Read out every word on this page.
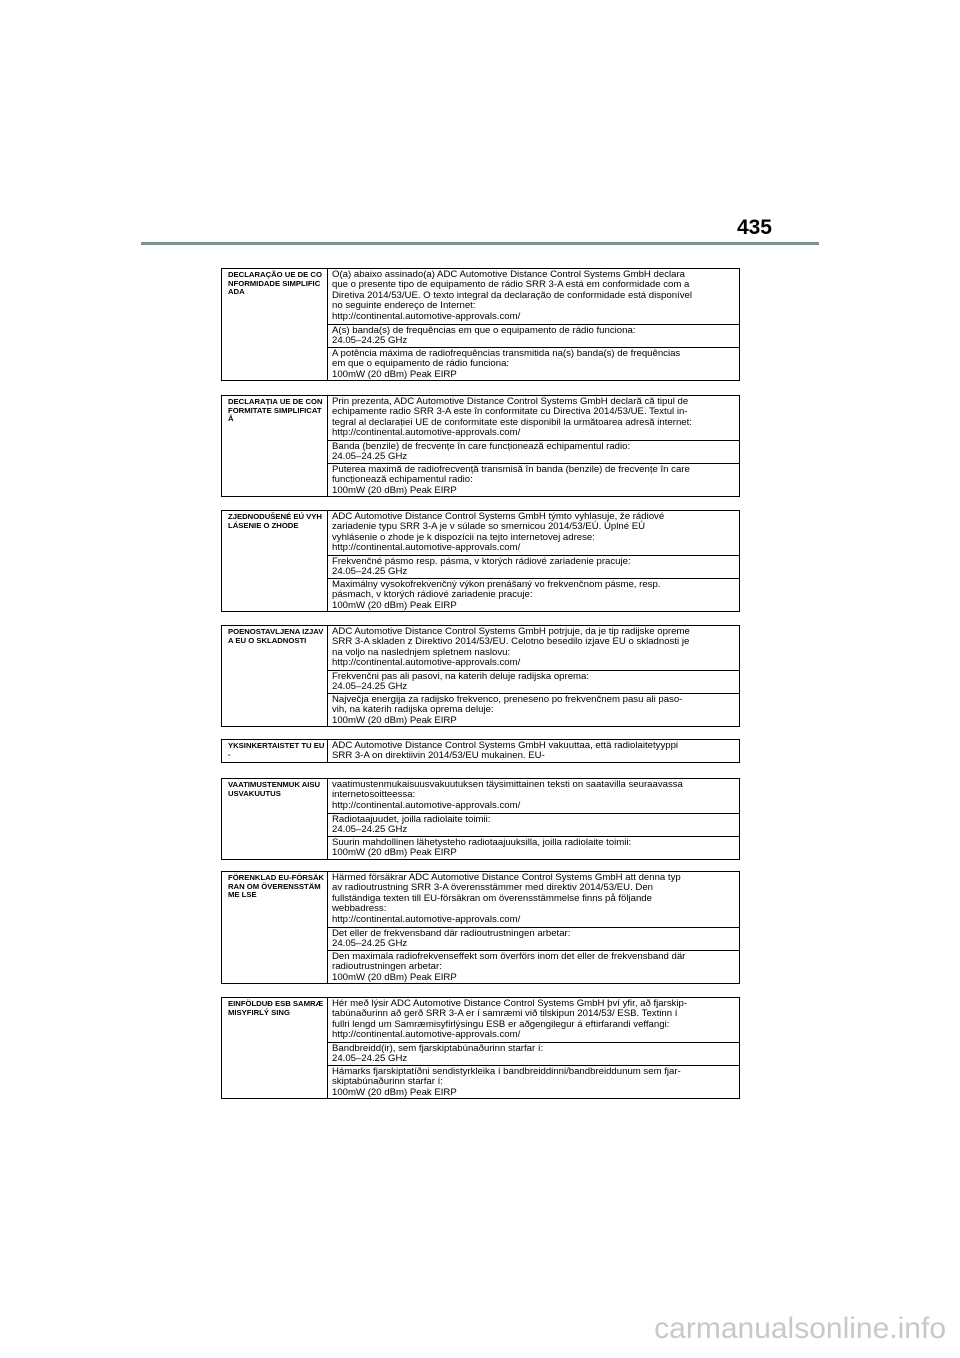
435
DECLARAÇÃO UE DE CONFORMIDADE SIMPLIFICADA	
O(a) abaixo assinado(a) ADC Automotive Distance Control Systems GmbH declara
que o presente tipo de equipamento de rádio SRR 3-A está em conformidade com a
Diretiva 2014/53/UE. O texto integral da declaração de conformidade está disponível
no seguinte endereço de Internet:
http://continental.automotive-approvals.com/

A(s) banda(s) de frequências em que o equipamento de rádio funciona:
24.05–24.25 GHz

A potência máxima de radiofrequências transmitida na(s) banda(s) de frequências
em que o equipamento de rádio funciona:
100mW (20 dBm) Peak EIRP
DECLARAȚIA UE DE CONFORMITATE SIMPLIFICATĂ	
Prin prezenta, ADC Automotive Distance Control Systems GmbH declară că tipul de
echipamente radio SRR 3-A este în conformitate cu Directiva 2014/53/UE. Textul in-
tegral al declarației UE de conformitate este disponibil la următoarea adresă internet:
http://continental.automotive-approvals.com/

Banda (benzile) de frecvențe în care funcționează echipamentul radio:
24.05–24.25 GHz

Puterea maximă de radiofrecvență transmisă în banda (benzile) de frecvențe în care
funcționează echipamentul radio:
100mW (20 dBm) Peak EIRP
ZJEDNODUŠENÉ EÚ VYHLÁSENIE O ZHODE	
ADC Automotive Distance Control Systems GmbH týmto vyhlasuje, že rádiové
zariadenie typu SRR 3-A je v súlade so smernicou 2014/53/EÚ. Úplné EÚ
vyhlásenie o zhode je k dispozícii na tejto internetovej adrese:
http://continental.automotive-approvals.com/

Frekvenčné pásmo resp. pásma, v ktorých rádiové zariadenie pracuje:
24.05–24.25 GHz

Maximálny vysokofrekvenčný výkon prenášaný vo frekvenčnom pásme, resp.
pásmach, v ktorých rádiové zariadenie pracuje:
100mW (20 dBm) Peak EIRP
POENOSTAVLJENA IZJAVA EU O SKLADNOSTI	
ADC Automotive Distance Control Systems GmbH potrjuje, da je tip radijske opreme
SRR 3-A skladen z Direktivo 2014/53/EU. Celotno besedilo izjave EU o skladnosti je
na voljo na naslednjem spletnem naslovu:
http://continental.automotive-approvals.com/

Frekvenčni pas ali pasovi, na katerih deluje radijska oprema:
24.05–24.25 GHz

Največja energija za radijsko frekvenco, preneseno po frekvenčnem pasu ali paso-
vih, na katerih radijska oprema deluje:
100mW (20 dBm) Peak EIRP
YKSINKERTAISTET TU EU-	
ADC Automotive Distance Control Systems GmbH vakuuttaa, että radiolaitetyyppi
SRR 3-A on direktiivin 2014/53/EU mukainen. EU-
VAATIMUSTENMUK AISUUSVAKUUTUS	
vaatimustenmukaisuusvakuutuksen täysimittainen teksti on saatavilla seuraavassa
internetosoitteessa:
http://continental.automotive-approvals.com/

Radiotaajuudet, joilla radiolaite toimii:
24.05–24.25 GHz

Suurin mahdollinen lähetysteho radiotaajuuksilla, joilla radiolaite toimii:
100mW (20 dBm) Peak EIRP
FÖRENKLAD EU-FÖRSÄKRAN OM ÖVERENSSTÄMME LSE	
Härmed försäkrar ADC Automotive Distance Control Systems GmbH att denna typ
av radioutrustning SRR 3-A överensstämmer med direktiv 2014/53/EU. Den
fullständiga texten till EU-försäkran om överensstämmelse finns på följande
webbadress:
http://continental.automotive-approvals.com/

Det eller de frekvensband där radioutrustningen arbetar:
24.05–24.25 GHz

Den maximala radiofrekvenseffekt som överförs inom det eller de frekvensband där
radioutrustningen arbetar:
100mW (20 dBm) Peak EIRP
EINFÖLDUÐ ESB SAMRÆMISYFIRLÝ SING	
Hér með lýsir ADC Automotive Distance Control Systems GmbH því yfir, að fjarskip-
tabúnaðurinn að gerð SRR 3-A er í samræmi við tilskipun 2014/53/ ESB. Textinn í
fullri lengd um Samræmisyfirlýsingu ESB er aðgengilegur á eftirfarandi veffangi:
http://continental.automotive-approvals.com/

Bandbreidd(ir), sem fjarskiptabúnaðurinn starfar í:
24.05–24.25 GHz

Hámarks fjarskiptatíðni sendistyrkleika í bandbreiddinni/bandbreiddunum sem fjar-
skiptabúnaðurinn starfar í:
100mW (20 dBm) Peak EIRP
carmanualsonline.info
